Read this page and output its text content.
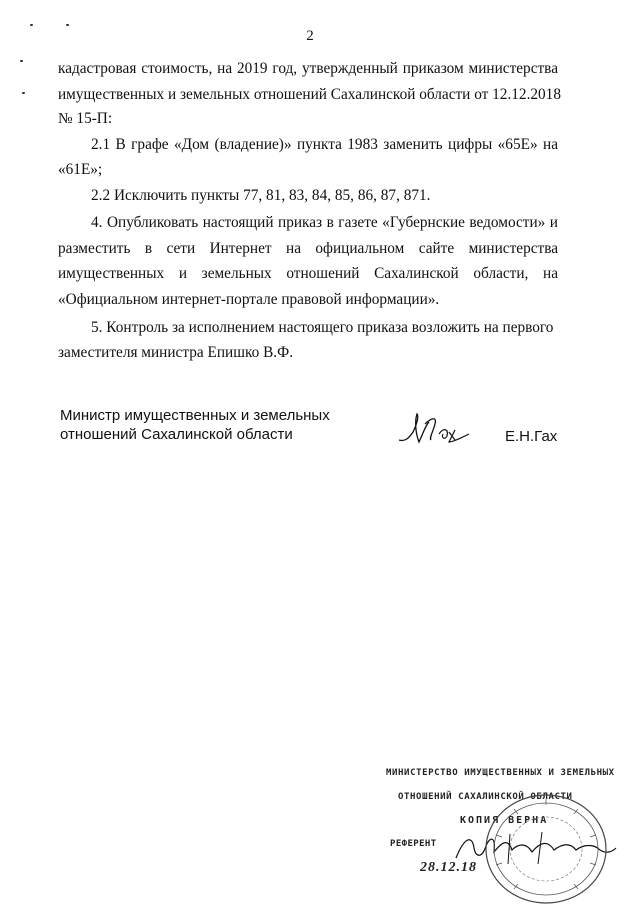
2
кадастровая стоимость, на 2019 год, утвержденный приказом министерства
имущественных и земельных отношений Сахалинской области от 12.12.2018
№ 15-П:
2.1 В графе «Дом (владение)» пункта 1983 заменить цифры «65Е» на
«61Е»;
2.2 Исключить пункты 77, 81, 83, 84, 85, 86, 87, 871.
4. Опубликовать настоящий приказ в газете «Губернские ведомости» и
разместить в сети Интернет на официальном сайте министерства
имущественных и земельных отношений Сахалинской области, на
«Официальном интернет-портале правовой информации».
5. Контроль за исполнением настоящего приказа возложить на первого
заместителя министра Епишко В.Ф.
Министр имущественных и земельных
отношений Сахалинской области	Е.Н.Гах
МИНИСТЕРСТВО ИМУЩЕСТВЕННЫХ И ЗЕМЕЛЬНЫХ
ОТНОШЕНИЙ САХАЛИНСКОЙ ОБЛАСТИ
КОПИЯ ВЕРНА
РЕФЕРЕНТ
28.12.18
